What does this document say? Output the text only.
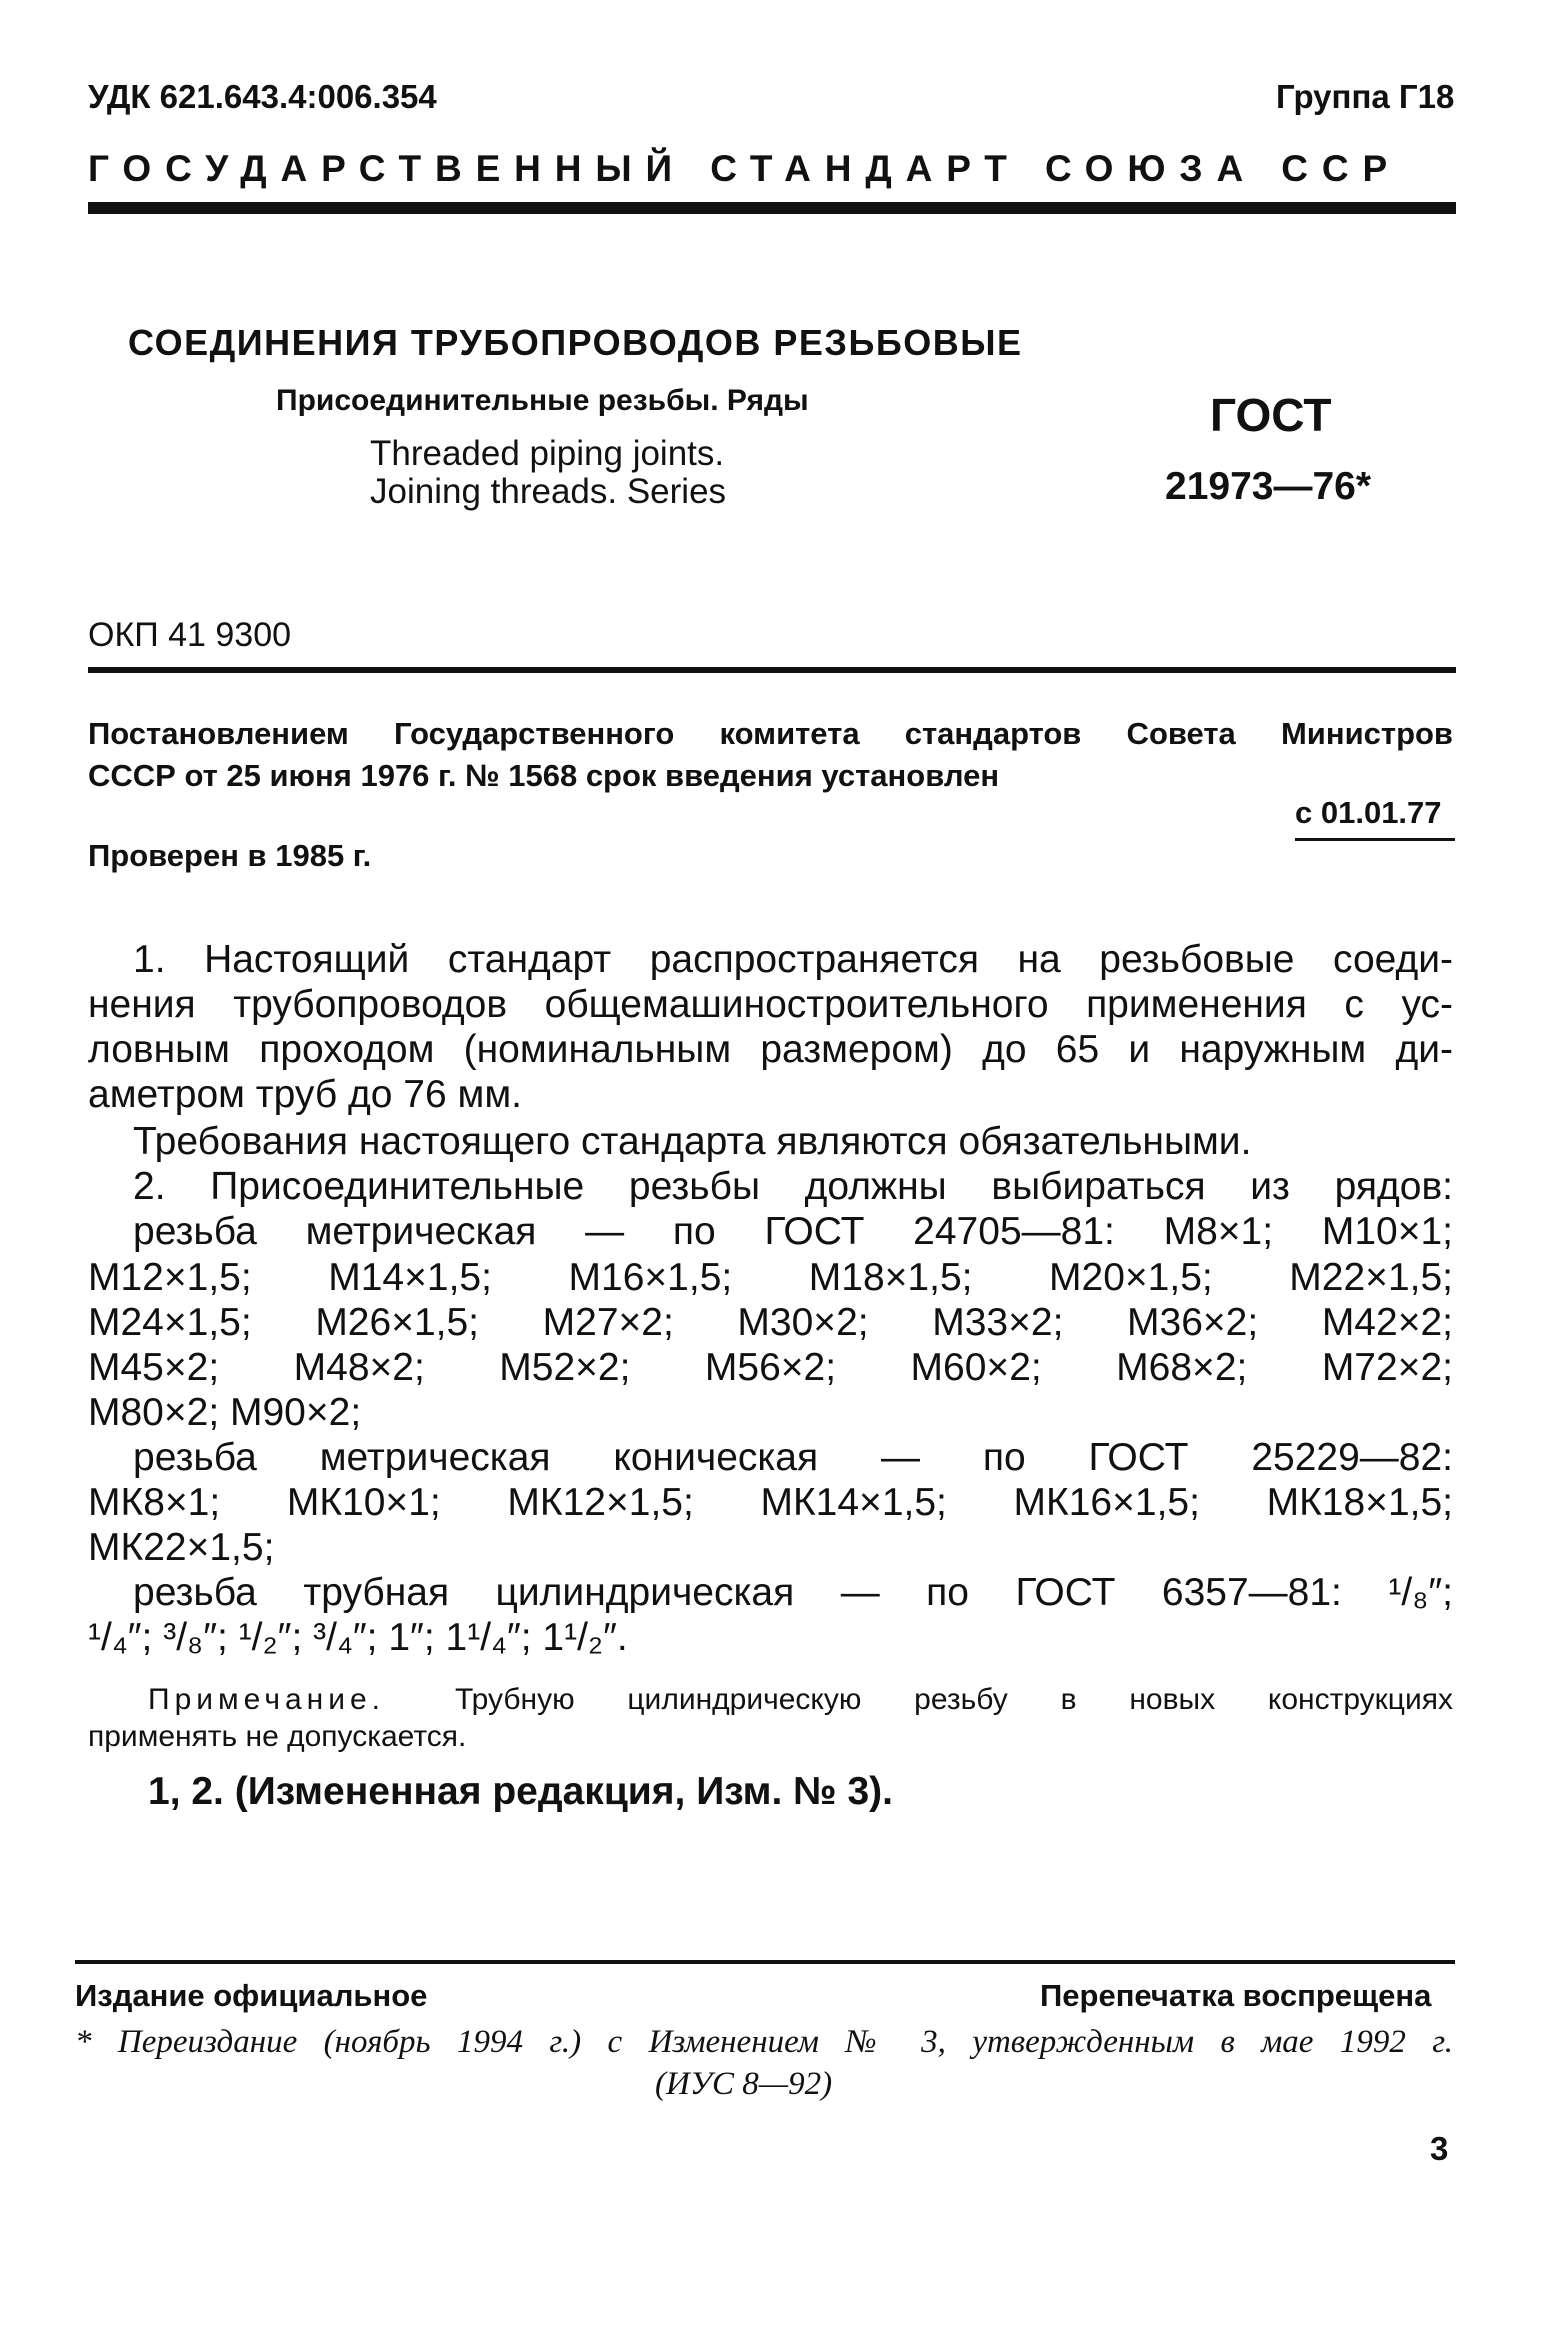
УДК 621.643.4:006.354	Группа Г18
ГОСУДАРСТВЕННЫЙ СТАНДАРТ СОЮЗА ССР
СОЕДИНЕНИЯ ТРУБОПРОВОДОВ РЕЗЬБОВЫЕ
Присоединительные резьбы. Ряды
Threaded piping joints.
Joining threads. Series
ГОСТ
21973—76*
ОКП 41 9300
Постановлением Государственного комитета стандартов Совета Министров
СССР от 25 июня 1976 г. № 1568 срок введения установлен
с 01.01.77
Проверен в 1985 г.
1. Настоящий стандарт распространяется на резьбовые соеди-
нения трубопроводов общемашиностроительного применения с ус-
ловным проходом (номинальным размером) до 65 и наружным ди-
аметром труб до 76 мм.
Требования настоящего стандарта являются обязательными.
2. Присоединительные резьбы должны выбираться из рядов:
резьба метрическая — по ГОСТ 24705—81: М8×1; М10×1;
М12×1,5; М14×1,5; М16×1,5; М18×1,5; М20×1,5; М22×1,5;
М24×1,5; М26×1,5; М27×2; М30×2; М33×2; М36×2; М42×2;
М45×2; М48×2; М52×2; М56×2; М60×2; М68×2; М72×2;
М80×2; М90×2;
резьба метрическая коническая — по ГОСТ 25229—82:
МК8×1; МК10×1; МК12×1,5; МК14×1,5; МК16×1,5; МК18×1,5;
МК22×1,5;
резьба трубная цилиндрическая — по ГОСТ 6357—81: ¹/₈″;
¹/₄″; ³/₈″; ¹/₂″; ³/₄″; 1″; 1¹/₄″; 1¹/₂″.
Примечание. Трубную цилиндрическую резьбу в новых конструкциях
применять не допускается.
1, 2. (Измененная редакция, Изм. № 3).
Издание официальное	Перепечатка воспрещена
* Переиздание (ноябрь 1994 г.) с Изменением № 3, утвержденным в мае 1992 г.
(ИУС 8—92)
3
